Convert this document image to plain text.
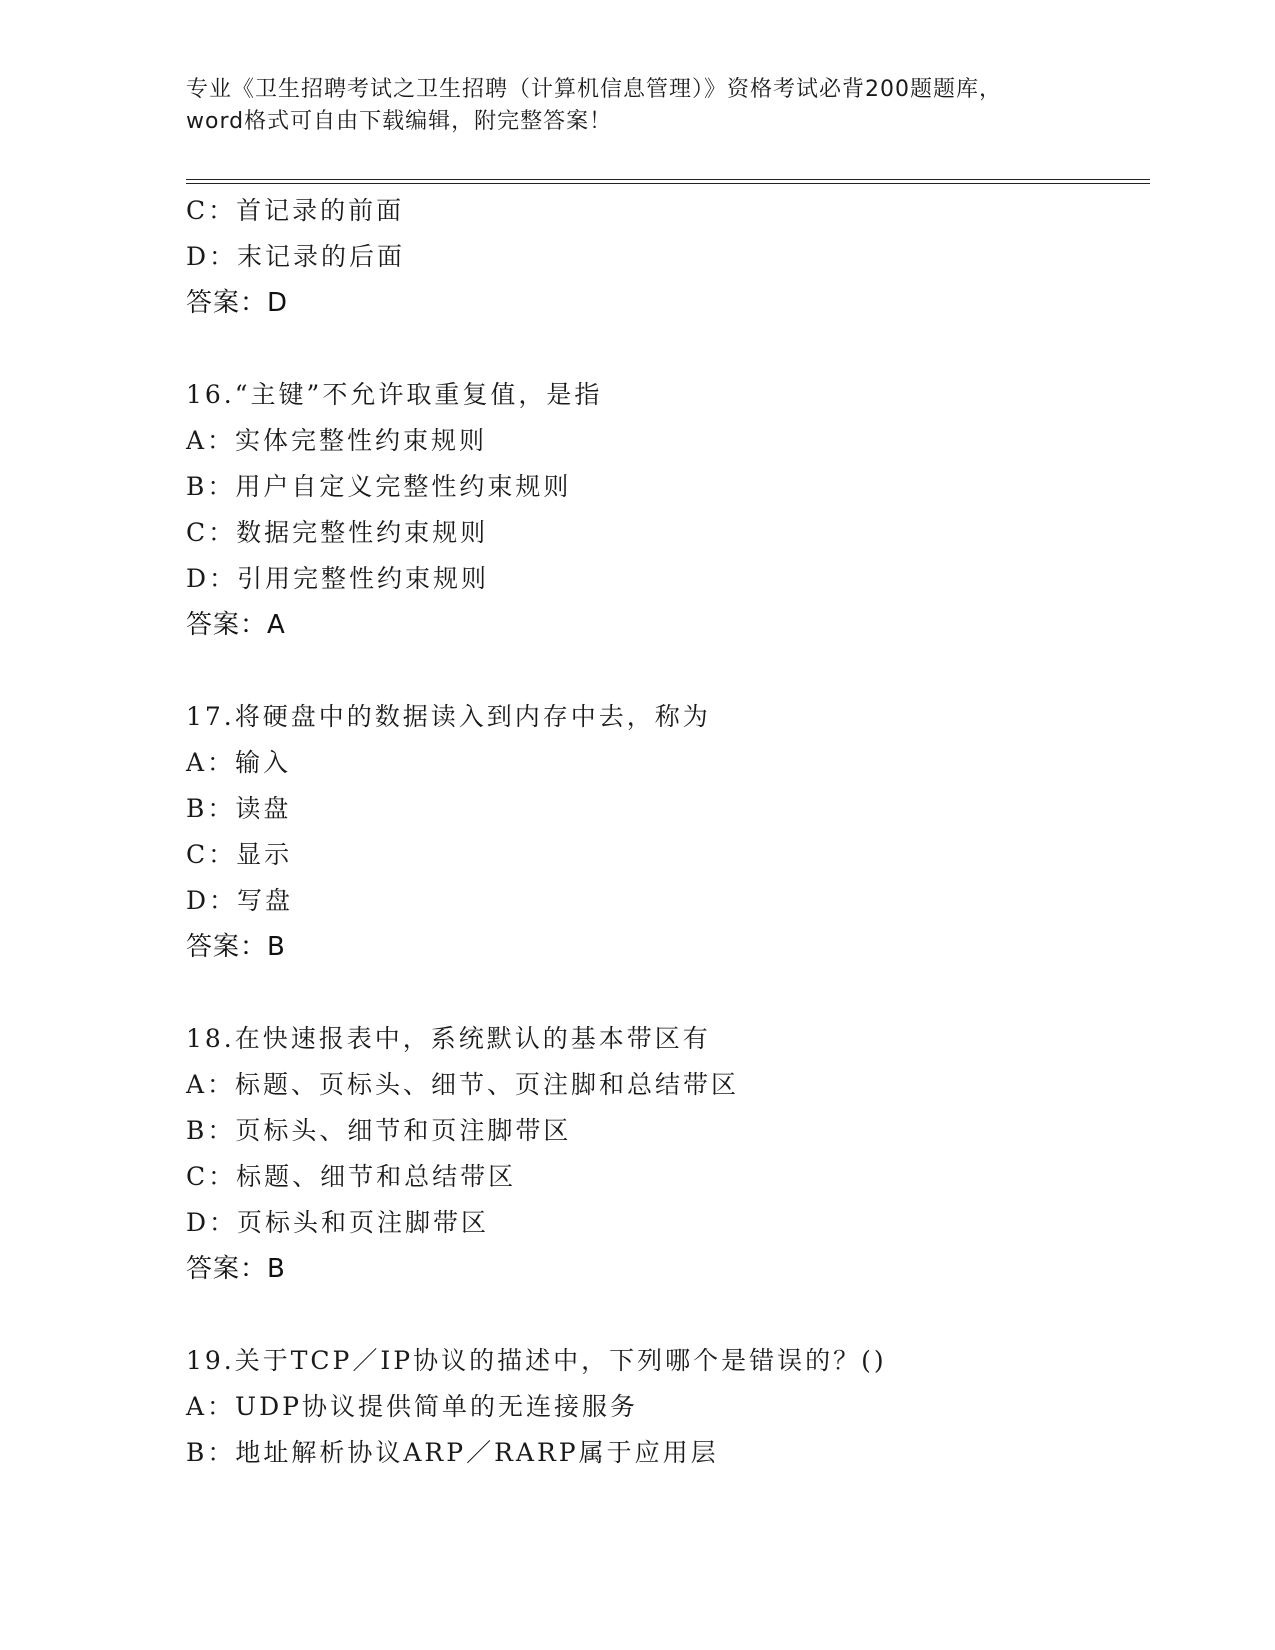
专业《卫生招聘考试之卫生招聘（计算机信息管理）》资格考试必背200题题库，
word格式可自由下载编辑，附完整答案！
C：首记录的前面
D：末记录的后面
答案：D
16.“主键”不允许取重复值，是指
A：实体完整性约束规则
B：用户自定义完整性约束规则
C：数据完整性约束规则
D：引用完整性约束规则
答案：A
17.将硬盘中的数据读入到内存中去，称为
A：输入
B：读盘
C：显示
D：写盘
答案：B
18.在快速报表中，系统默认的基本带区有
A：标题、页标头、细节、页注脚和总结带区
B：页标头、细节和页注脚带区
C：标题、细节和总结带区
D：页标头和页注脚带区
答案：B
19.关于TCP／IP协议的描述中，下列哪个是错误的？()
A：UDP协议提供简单的无连接服务
B：地址解析协议ARP／RARP属于应用层
